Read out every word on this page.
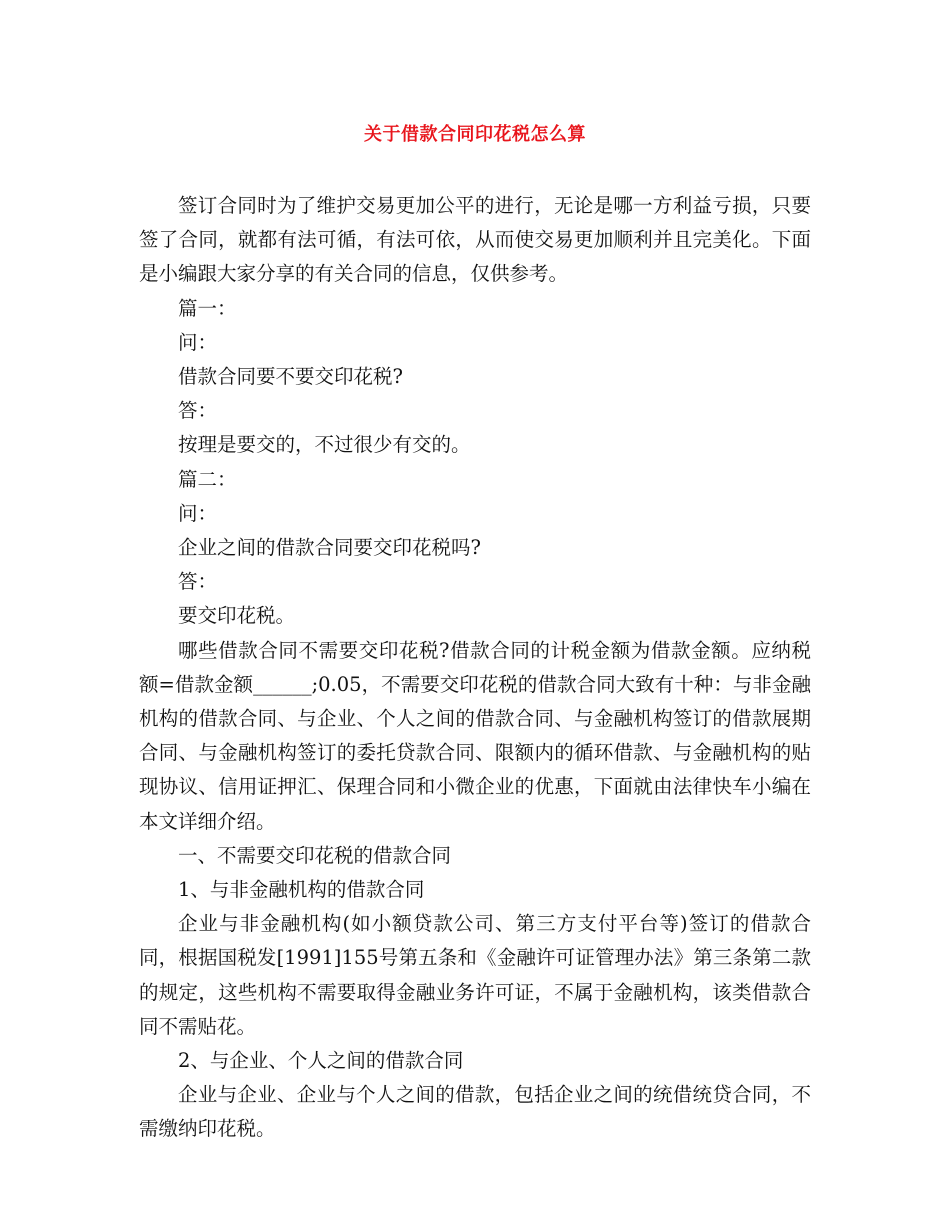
关于借款合同印花税怎么算

签订合同时为了维护交易更加公平的进行，无论是哪一方利益亏损，只要签了合同，就都有法可循，有法可依，从而使交易更加顺利并且完美化。下面是小编跟大家分享的有关合同的信息，仅供参考。

篇一：

问：

借款合同要不要交印花税?

答：

按理是要交的，不过很少有交的。

篇二：

问：

企业之间的借款合同要交印花税吗?

答：

要交印花税。

哪些借款合同不需要交印花税?借款合同的计税金额为借款金额。应纳税额=借款金额______;0.05，不需要交印花税的借款合同大致有十种：与非金融机构的借款合同、与企业、个人之间的借款合同、与金融机构签订的借款展期合同、与金融机构签订的委托贷款合同、限额内的循环借款、与金融机构的贴现协议、信用证押汇、保理合同和小微企业的优惠，下面就由法律快车小编在本文详细介绍。

一、不需要交印花税的借款合同

1、与非金融机构的借款合同

企业与非金融机构(如小额贷款公司、第三方支付平台等)签订的借款合同，根据国税发[1991]155号第五条和《金融许可证管理办法》第三条第二款的规定，这些机构不需要取得金融业务许可证，不属于金融机构，该类借款合同不需贴花。

2、与企业、个人之间的借款合同

企业与企业、企业与个人之间的借款，包括企业之间的统借统贷合同，不需缴纳印花税。
